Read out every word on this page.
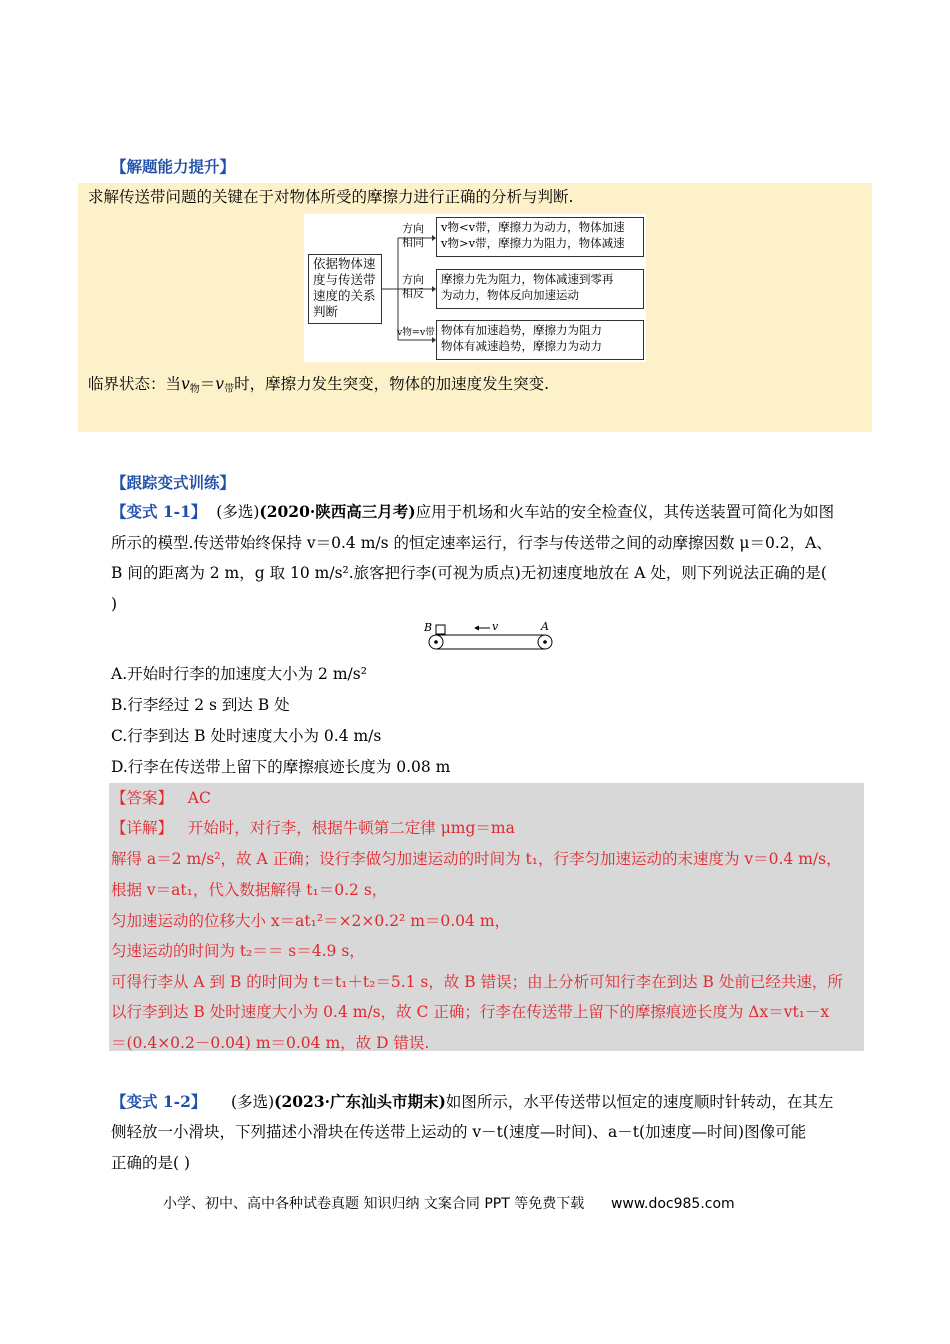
【解题能力提升】
求解传送带问题的关键在于对物体所受的摩擦力进行正确的分析与判断.
依据物体速
度与传送带
速度的关系
判断
方向
相同
v物<v带，摩擦力为动力，物体加速
v物>v带，摩擦力为阻力，物体减速
方向
相反
摩擦力先为阻力，物体减速到零再
为动力，物体反向加速运动
v物=v带 物体有加速趋势，摩擦力为阻力
物体有减速趋势，摩擦力为动力
临界状态：当$v_物=v_带$时，摩擦力发生突变，物体的加速度发生突变.
【跟踪变式训练】
【变式 1-1】 (多选)(2020·陕西高三月考)应用于机场和火车站的安全检查仪，其传送装置可简化为如图
所示的模型.传送带始终保持 v＝0.4 m/s 的恒定速率运行，行李与传送带之间的动摩擦因数 μ＝0.2，A、
B 间的距离为 2 m，g 取 10 m/s².旅客把行李(可视为质点)无初速度地放在 A 处，则下列说法正确的是(
)
B	A
v
A.开始时行李的加速度大小为 2 m/s²
B.行李经过 2 s 到达 B 处
C.行李到达 B 处时速度大小为 0.4 m/s
D.行李在传送带上留下的摩擦痕迹长度为 0.08 m
【答案】 AC
【详解】 开始时，对行李，根据牛顿第二定律 μmg＝ma
解得 a＝2 m/s²，故 A 正确；设行李做匀加速运动的时间为 t₁，行李匀加速运动的末速度为 v＝0.4 m/s，
根据 v＝at₁，代入数据解得 t₁＝0.2 s，
匀加速运动的位移大小 x＝at₁²＝×2×0.2² m＝0.04 m，
匀速运动的时间为 t₂＝＝ s＝4.9 s，
可得行李从 A 到 B 的时间为 t＝t₁＋t₂＝5.1 s，故 B 错误；由上分析可知行李在到达 B 处前已经共速，所
以行李到达 B 处时速度大小为 0.4 m/s，故 C 正确；行李在传送带上留下的摩擦痕迹长度为 Δx＝vt₁－x
＝(0.4×0.2－0.04) m＝0.04 m，故 D 错误.
【变式 1-2】 (多选)(2023·广东汕头市期末)如图所示，水平传送带以恒定的速度顺时针转动，在其左
侧轻放一小滑块，下列描述小滑块在传送带上运动的 v－t(速度—时间)、a－t(加速度—时间)图像可能
正确的是( )
小学、初中、高中各种试卷真题 知识归纳 文案合同 PPT 等免费下载 www.doc985.com
